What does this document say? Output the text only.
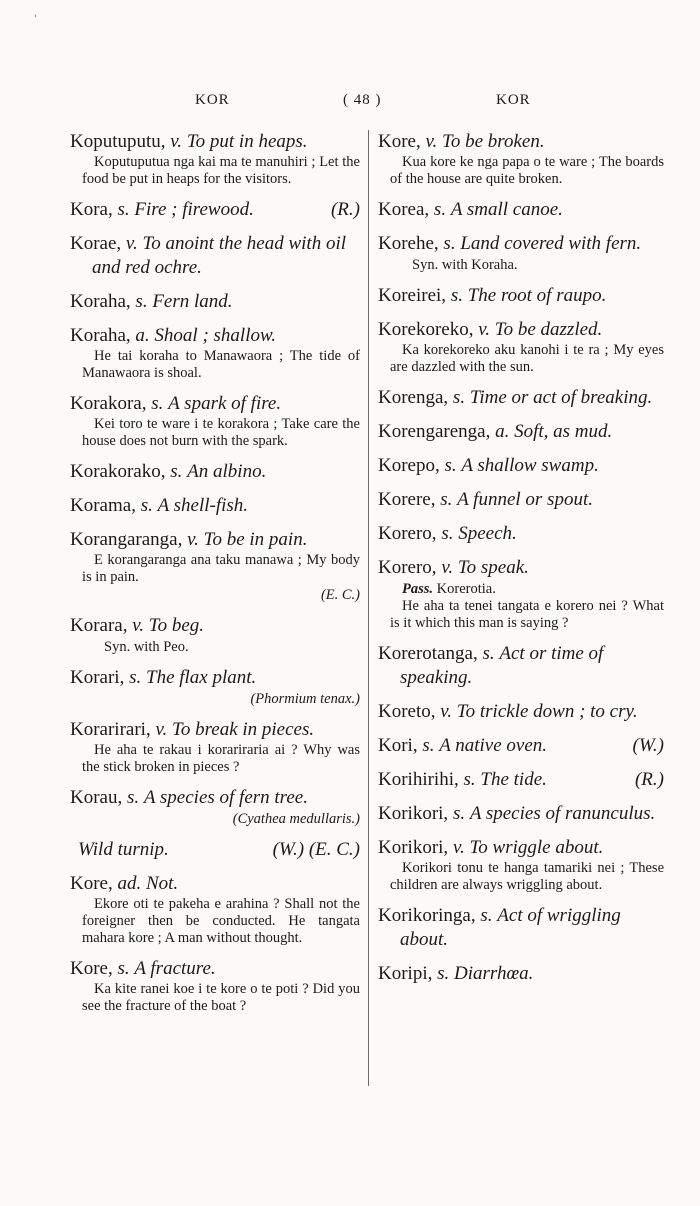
'
KOR	( 48 )	KOR
Koputuputu, v. To put in heaps.
Koputuputua nga kai ma te manuhiri ; Let the food be put in heaps for the visitors.
(R.)
Kora, s. Fire ; firewood.
Korae, v. To anoint the head with oil and red ochre.
Koraha, s. Fern land.
Koraha, a. Shoal ; shallow.
He tai koraha to Manawaora ; The tide of Manawaora is shoal.
Korakora, s. A spark of fire.
Kei toro te ware i te korakora ; Take care the house does not burn with the spark.
Korakorako, s. An albino.
Korama, s. A shell-fish.
Korangaranga, v. To be in pain.
E korangaranga ana taku manawa ; My body is in pain.
(E. C.)
Korara, v. To beg.
Syn. with Peo.
Korari, s. The flax plant.
(Phormium tenax.)
Korarirari, v. To break in pieces.
He aha te rakau i korariraria ai ? Why was the stick broken in pieces ?
Korau, s. A species of fern tree.
(Cyathea medullaris.)
(W.) (E. C.)
Wild turnip.
Kore, ad. Not.
Ekore oti te pakeha e arahina ? Shall not the foreigner then be conducted. He tangata mahara kore ; A man without thought.
Kore, s. A fracture.
Ka kite ranei koe i te kore o te poti ? Did you see the fracture of the boat ?
Kore, v. To be broken.
Kua kore ke nga papa o te ware ; The boards of the house are quite broken.
Korea, s. A small canoe.
Korehe, s. Land covered with fern.
Syn. with Koraha.
Koreirei, s. The root of raupo.
Korekoreko, v. To be dazzled.
Ka korekoreko aku kanohi i te ra ; My eyes are dazzled with the sun.
Korenga, s. Time or act of breaking.
Korengarenga, a. Soft, as mud.
Korepo, s. A shallow swamp.
Korere, s. A funnel or spout.
Korero, s. Speech.
Korero, v. To speak.
Pass. Korerotia.
He aha ta tenei tangata e korero nei ? What is it which this man is saying ?
Korerotanga, s. Act or time of speaking.
Koreto, v. To trickle down ; to cry.
(W.)
Kori, s. A native oven.
(R.)
Korihirihi, s. The tide.
Korikori, s. A species of ranunculus.
Korikori, v. To wriggle about.
Korikori tonu te hanga tamariki nei ; These children are always wriggling about.
Korikoringa, s. Act of wriggling about.
Koripi, s. Diarrhœa.
